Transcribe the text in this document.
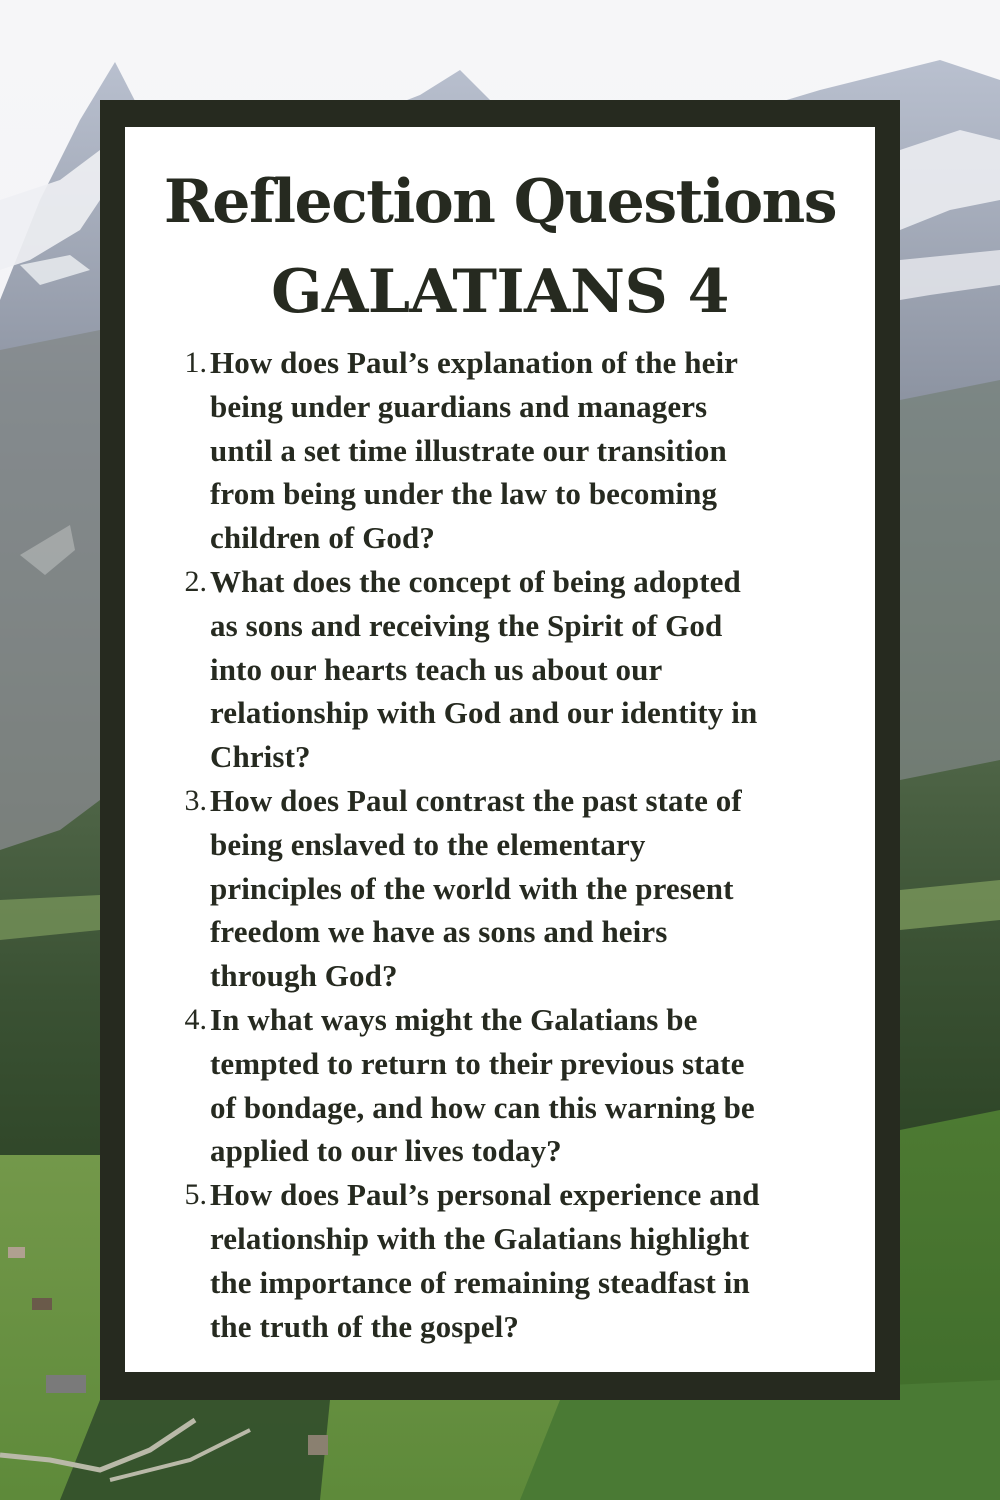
Reflection Questions
GALATIANS 4
1. How does Paul’s explanation of the heir
being under guardians and managers
until a set time illustrate our transition
from being under the law to becoming
children of God?
2. What does the concept of being adopted
as sons and receiving the Spirit of God
into our hearts teach us about our
relationship with God and our identity in
Christ?
3. How does Paul contrast the past state of
being enslaved to the elementary
principles of the world with the present
freedom we have as sons and heirs
through God?
4. In what ways might the Galatians be
tempted to return to their previous state
of bondage, and how can this warning be
applied to our lives today?
5. How does Paul’s personal experience and
relationship with the Galatians highlight
the importance of remaining steadfast in
the truth of the gospel?
